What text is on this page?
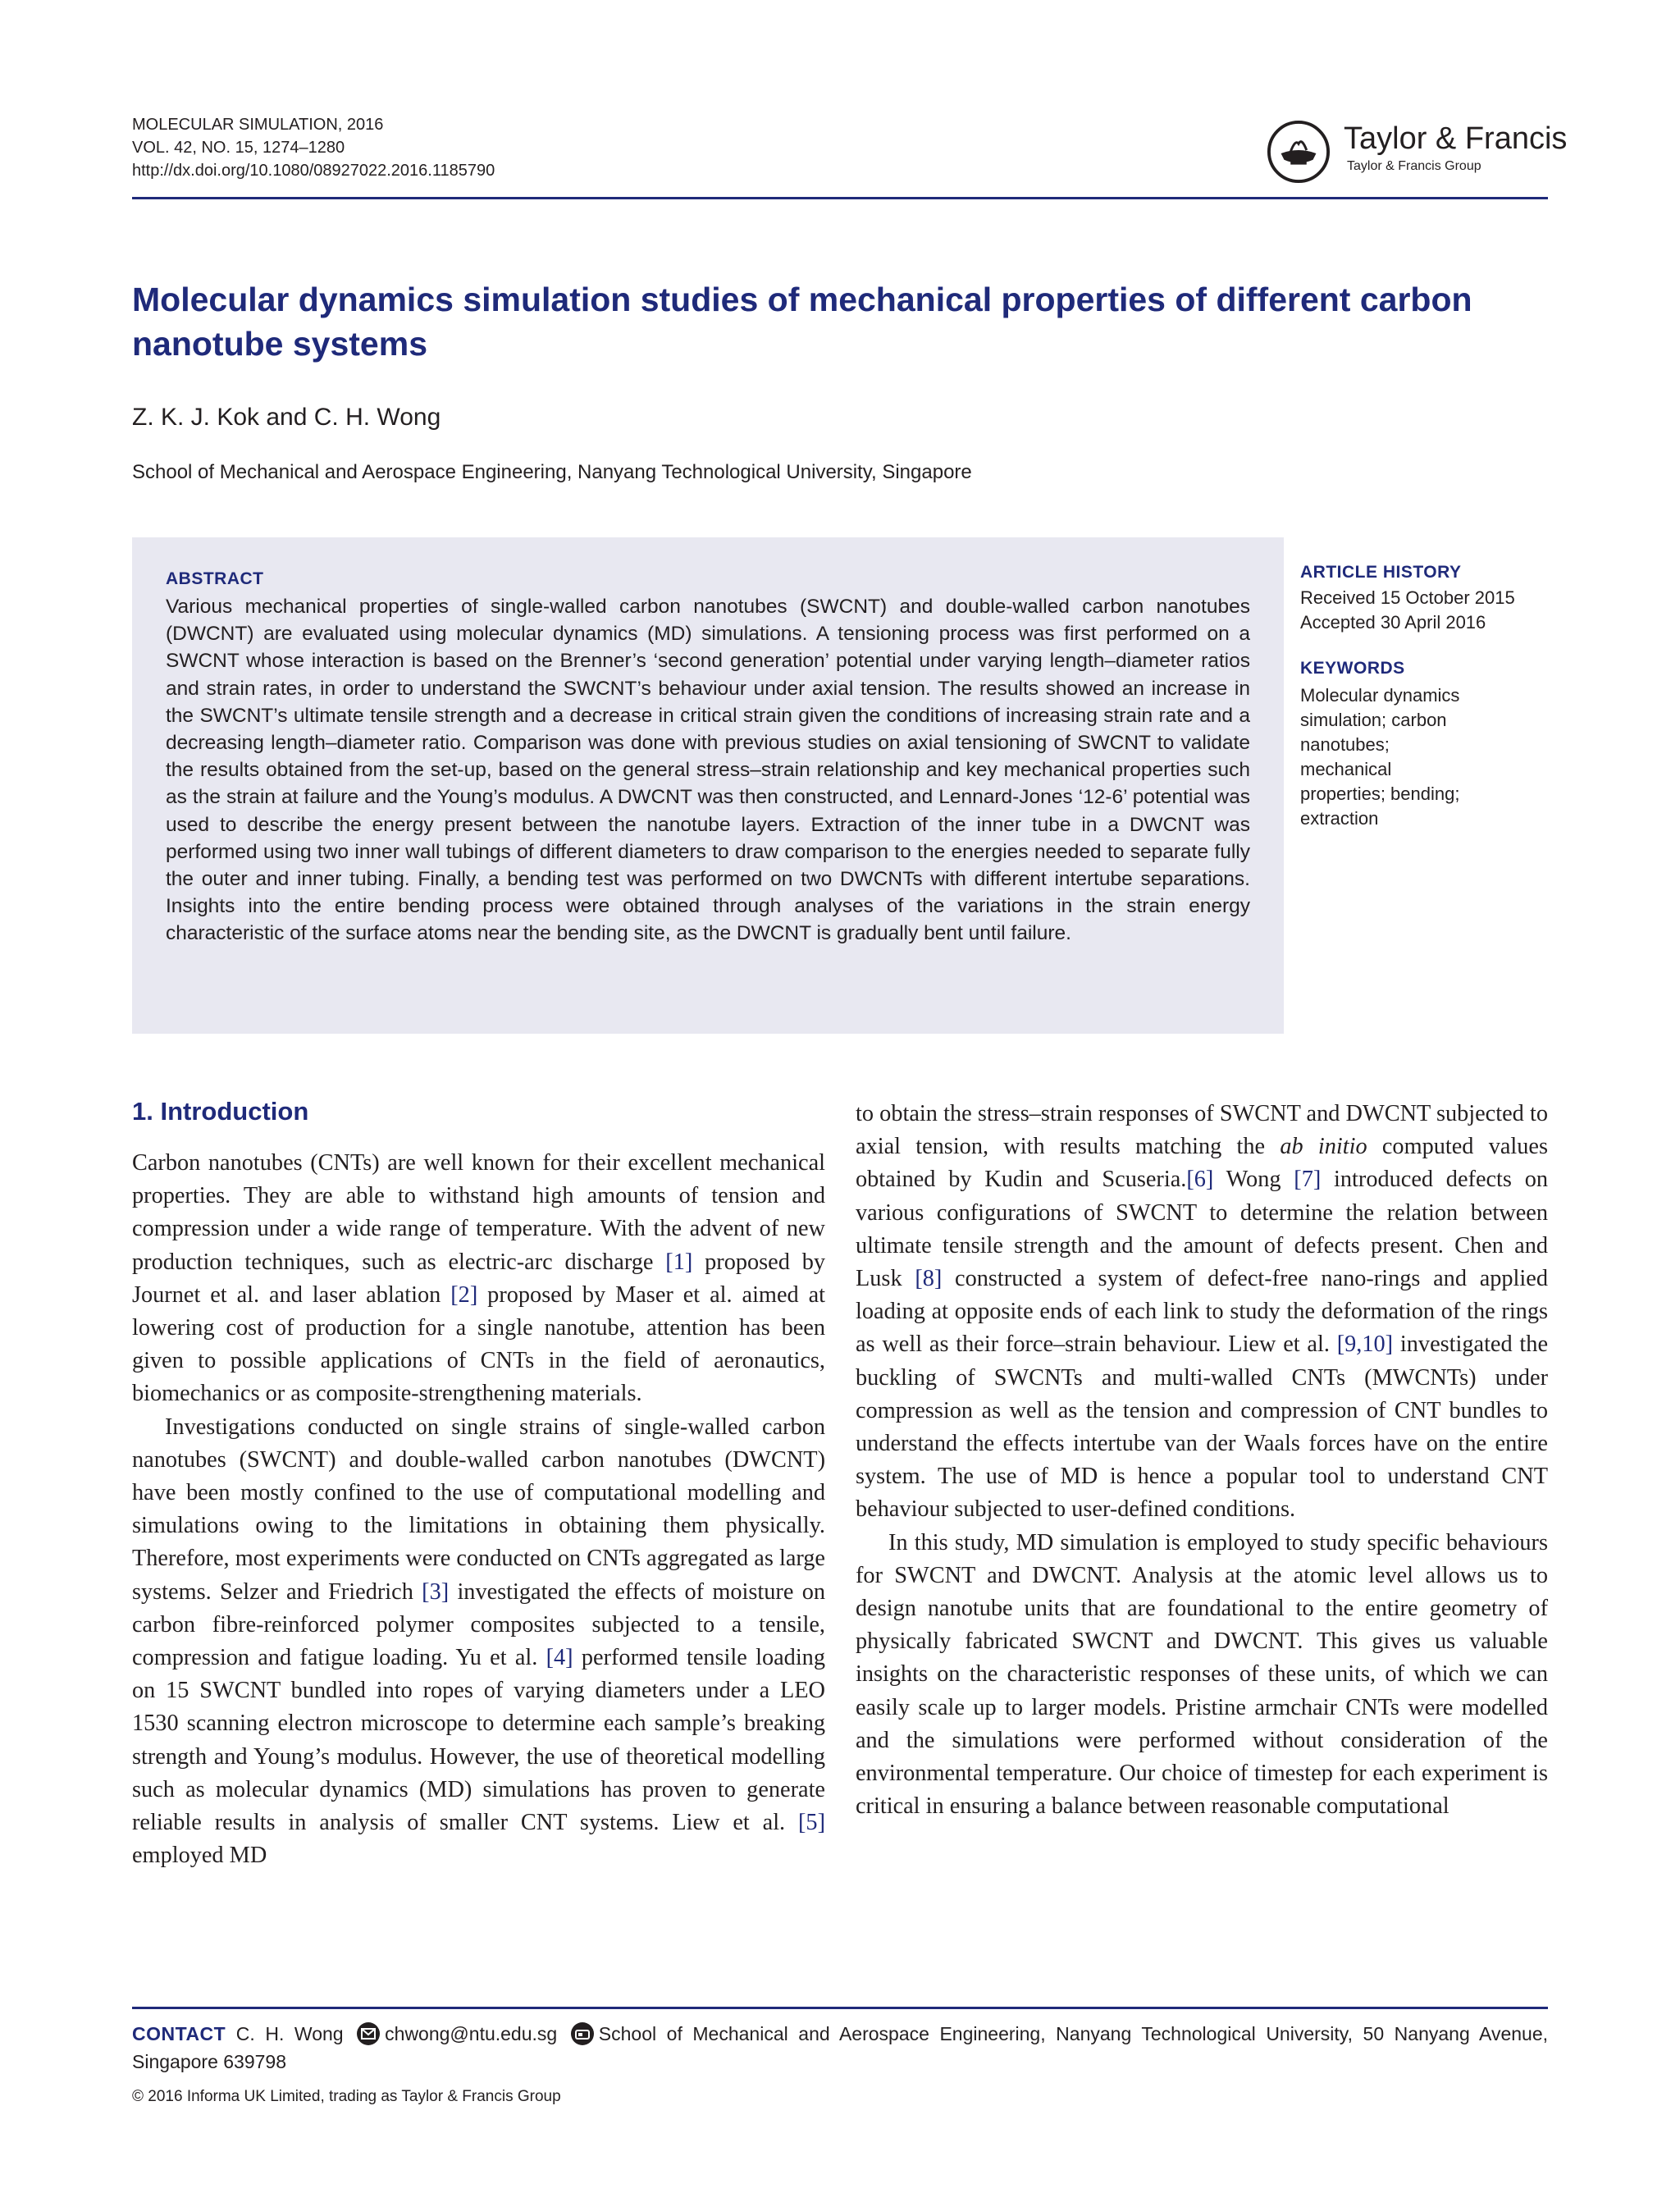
MOLECULAR SIMULATION, 2016
VOL. 42, NO. 15, 1274–1280
http://dx.doi.org/10.1080/08927022.2016.1185790
Taylor & Francis
Taylor & Francis Group
Molecular dynamics simulation studies of mechanical properties of different carbon nanotube systems
Z. K. J. Kok and C. H. Wong
School of Mechanical and Aerospace Engineering, Nanyang Technological University, Singapore
ABSTRACT
Various mechanical properties of single-walled carbon nanotubes (SWCNT) and double-walled carbon nanotubes (DWCNT) are evaluated using molecular dynamics (MD) simulations. A tensioning process was first performed on a SWCNT whose interaction is based on the Brenner’s ‘second generation’ potential under varying length–diameter ratios and strain rates, in order to understand the SWCNT’s behaviour under axial tension. The results showed an increase in the SWCNT’s ultimate tensile strength and a decrease in critical strain given the conditions of increasing strain rate and a decreasing length–diameter ratio. Comparison was done with previous studies on axial tensioning of SWCNT to validate the results obtained from the set-up, based on the general stress–strain relationship and key mechanical properties such as the strain at failure and the Young’s modulus. A DWCNT was then constructed, and Lennard-Jones ‘12-6’ potential was used to describe the energy present between the nanotube layers. Extraction of the inner tube in a DWCNT was performed using two inner wall tubings of different diameters to draw comparison to the energies needed to separate fully the outer and inner tubing. Finally, a bending test was performed on two DWCNTs with different intertube separations. Insights into the entire bending process were obtained through analyses of the variations in the strain energy characteristic of the surface atoms near the bending site, as the DWCNT is gradually bent until failure.
ARTICLE HISTORY
Received 15 October 2015
Accepted 30 April 2016
KEYWORDS
Molecular dynamics simulation; carbon nanotubes; mechanical properties; bending; extraction
1. Introduction

Carbon nanotubes (CNTs) are well known for their excellent mechanical properties. They are able to withstand high amounts of tension and compression under a wide range of temperature. With the advent of new production techniques, such as electric-arc discharge [1] proposed by Journet et al. and laser ablation [2] proposed by Maser et al. aimed at lowering cost of production for a single nanotube, attention has been given to possible applications of CNTs in the field of aeronautics, biomechanics or as composite-strengthening materials.

Investigations conducted on single strains of single-walled carbon nanotubes (SWCNT) and double-walled carbon nanotubes (DWCNT) have been mostly confined to the use of computational modelling and simulations owing to the limitations in obtaining them physically. Therefore, most experiments were conducted on CNTs aggregated as large systems. Selzer and Friedrich [3] investigated the effects of moisture on carbon fibre-reinforced polymer composites subjected to a tensile, compression and fatigue loading. Yu et al. [4] performed tensile loading on 15 SWCNT bundled into ropes of varying diameters under a LEO 1530 scanning electron microscope to determine each sample’s breaking strength and Young’s modulus. However, the use of theoretical modelling such as molecular dynamics (MD) simulations has proven to generate reliable results in analysis of smaller CNT systems. Liew et al. [5] employed MD

to obtain the stress–strain responses of SWCNT and DWCNT subjected to axial tension, with results matching the ab initio computed values obtained by Kudin and Scuseria.[6] Wong [7] introduced defects on various configurations of SWCNT to determine the relation between ultimate tensile strength and the amount of defects present. Chen and Lusk [8] constructed a system of defect-free nano-rings and applied loading at opposite ends of each link to study the deformation of the rings as well as their force–strain behaviour. Liew et al. [9,10] investigated the buckling of SWCNTs and multi-walled CNTs (MWCNTs) under compression as well as the tension and compression of CNT bundles to understand the effects intertube van der Waals forces have on the entire system. The use of MD is hence a popular tool to understand CNT behaviour subjected to user-defined conditions.

In this study, MD simulation is employed to study specific behaviours for SWCNT and DWCNT. Analysis at the atomic level allows us to design nanotube units that are foundational to the entire geometry of physically fabricated SWCNT and DWCNT. This gives us valuable insights on the characteristic responses of these units, of which we can easily scale up to larger models. Pristine armchair CNTs were modelled and the simulations were performed without consideration of the environmental temperature. Our choice of timestep for each experiment is critical in ensuring a balance between reasonable computational

CONTACT C. H. Wong chwong@ntu.edu.sg School of Mechanical and Aerospace Engineering, Nanyang Technological University, 50 Nanyang Avenue, Singapore 639798
© 2016 Informa UK Limited, trading as Taylor & Francis Group
